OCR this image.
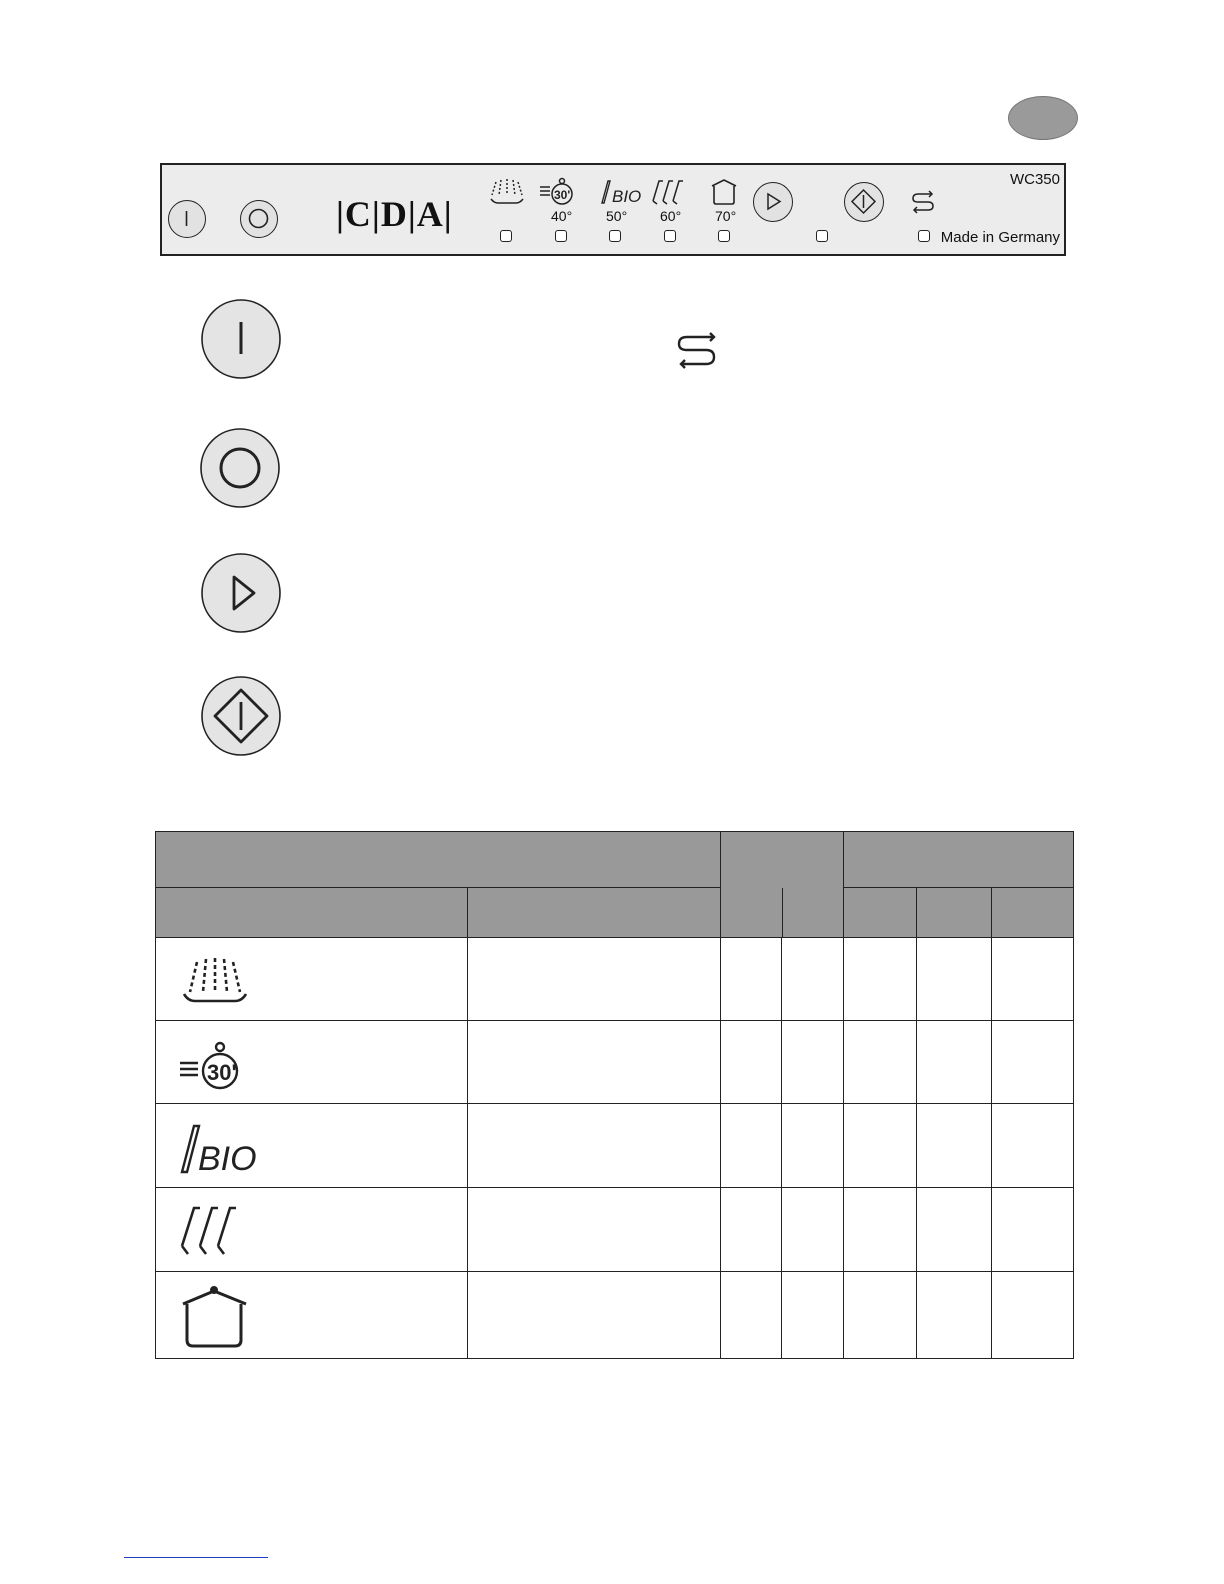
|C|D|A|	30' BIO
40° 50° 60° 70°
WC350
Made in Germany

30'						

BIO						
